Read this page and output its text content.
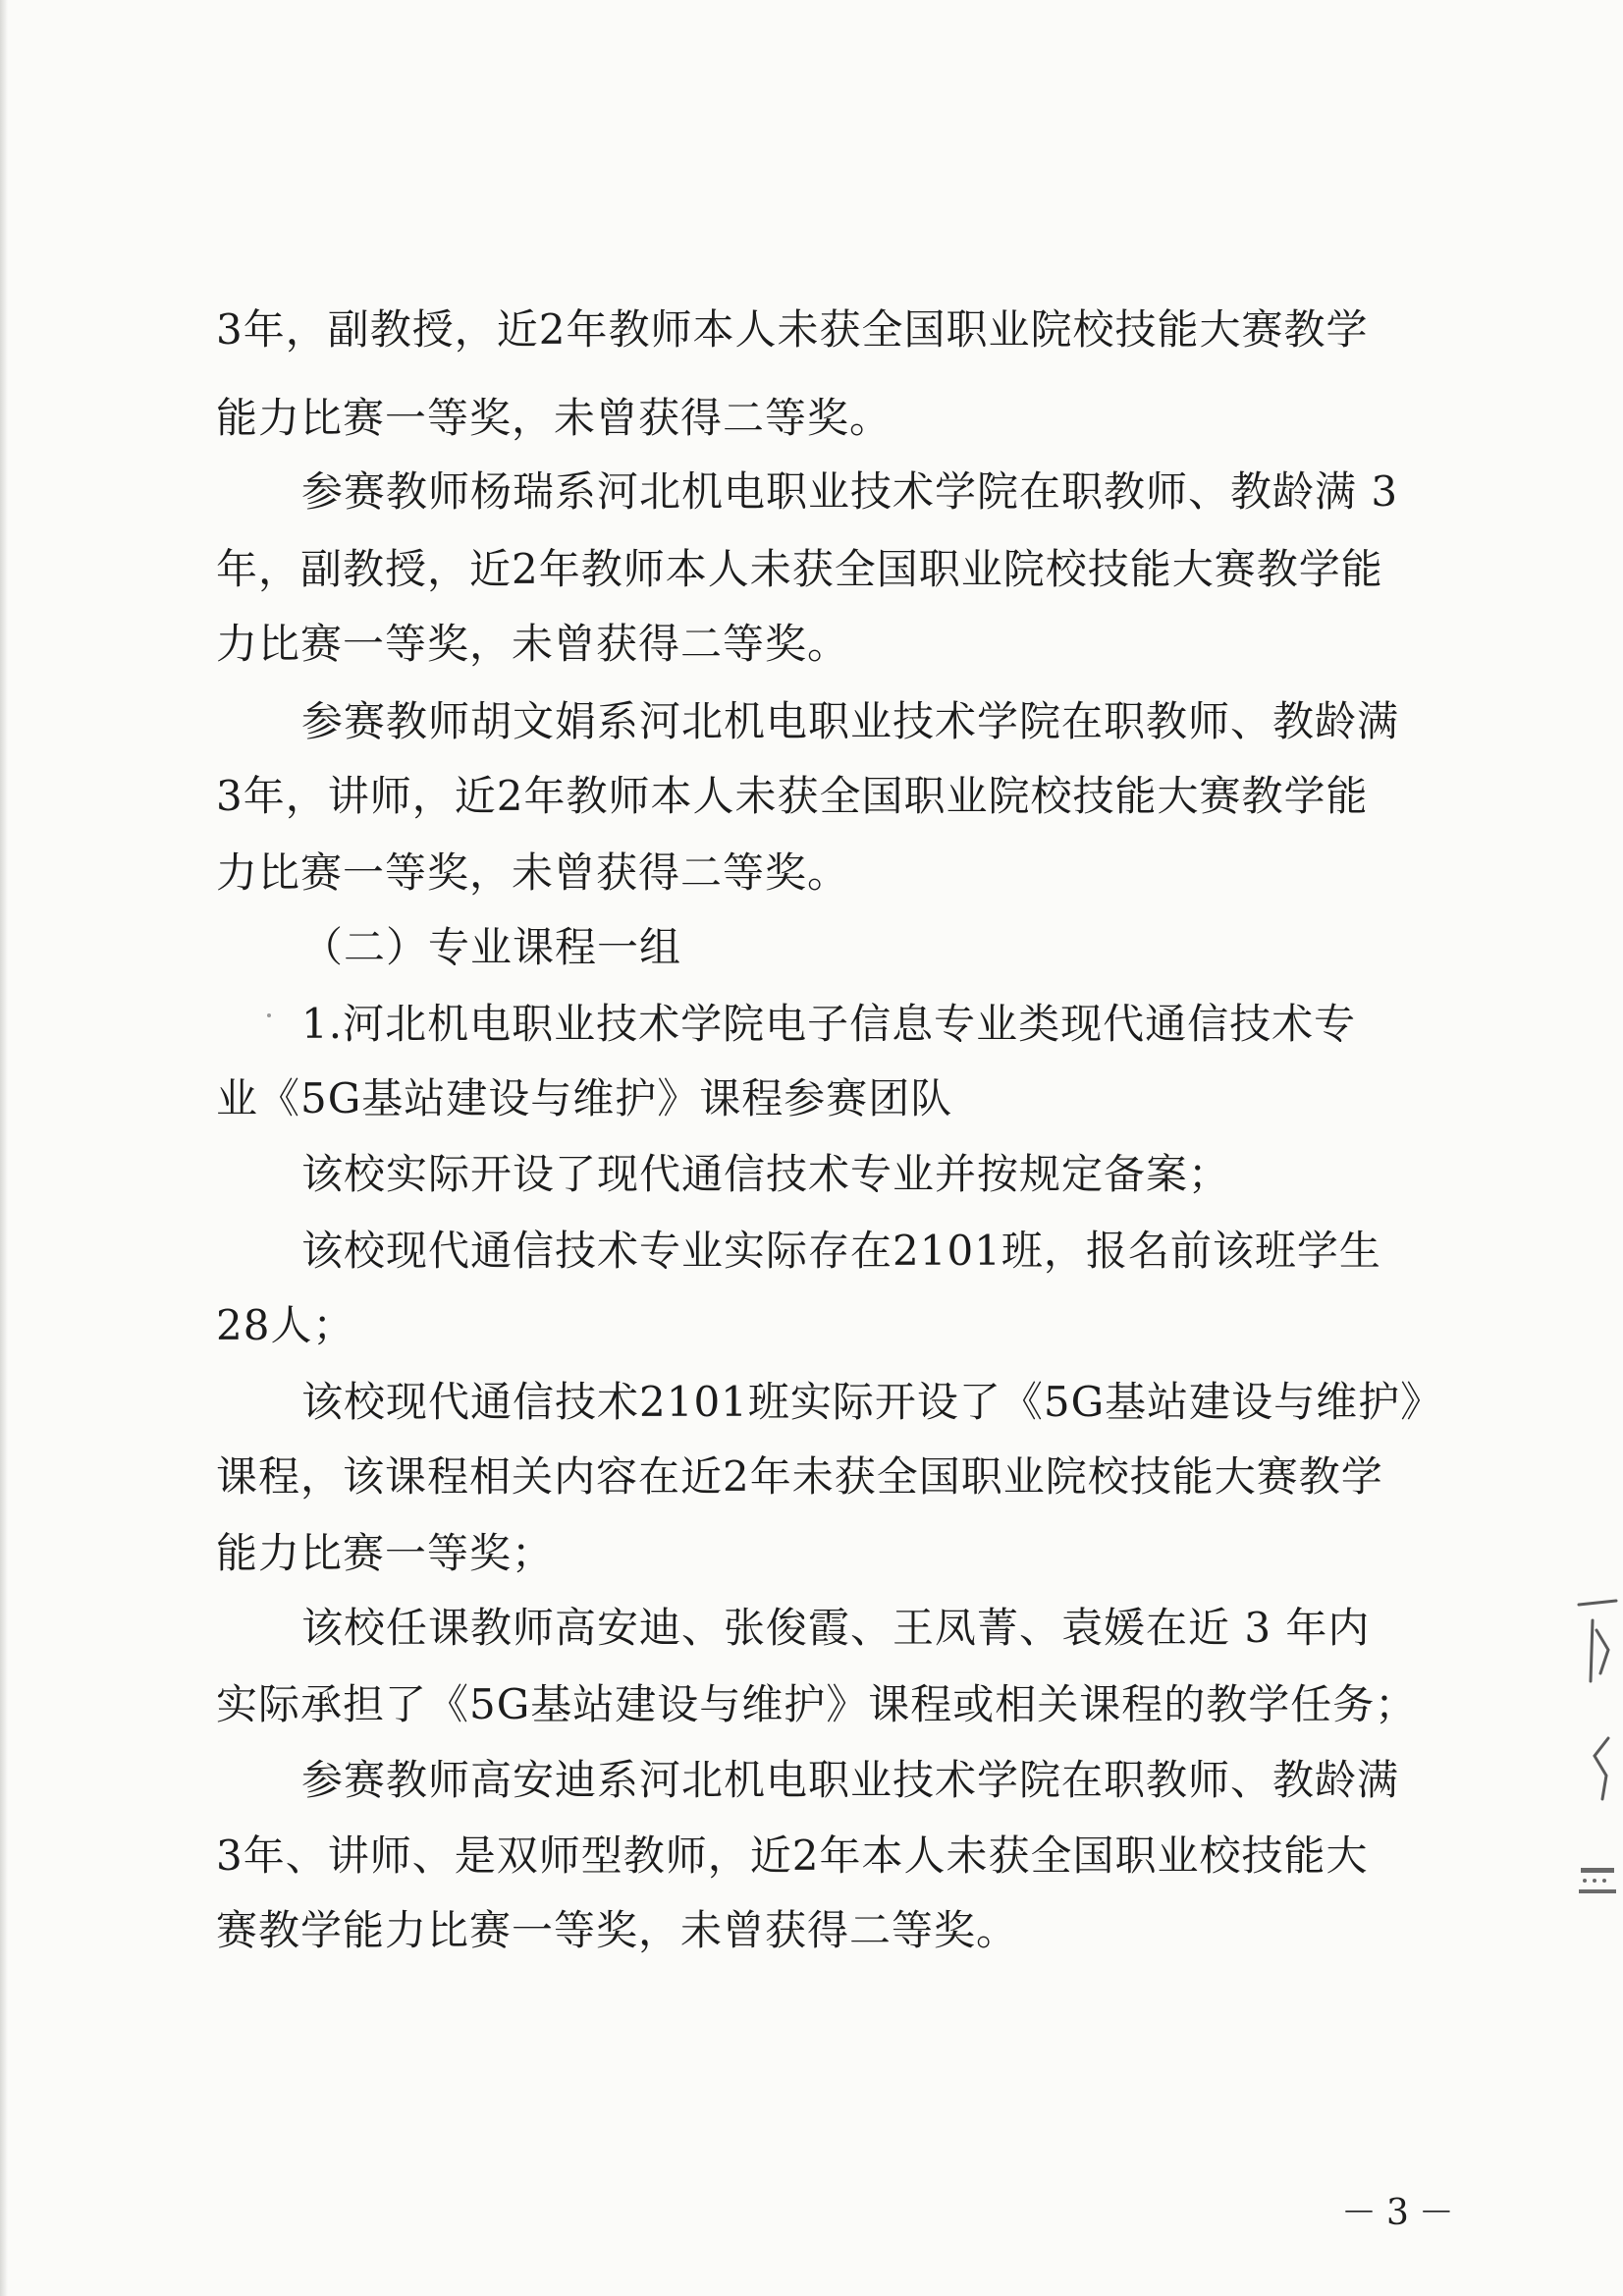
3年，副教授，近2年教师本人未获全国职业院校技能大赛教学
能力比赛一等奖，未曾获得二等奖。
参赛教师杨瑞系河北机电职业技术学院在职教师、教龄满 3
年，副教授，近2年教师本人未获全国职业院校技能大赛教学能
力比赛一等奖，未曾获得二等奖。
参赛教师胡文娟系河北机电职业技术学院在职教师、教龄满
3年，讲师，近2年教师本人未获全国职业院校技能大赛教学能
力比赛一等奖，未曾获得二等奖。
（二）专业课程一组
1.河北机电职业技术学院电子信息专业类现代通信技术专
业《5G基站建设与维护》课程参赛团队
该校实际开设了现代通信技术专业并按规定备案；
该校现代通信技术专业实际存在2101班，报名前该班学生
28人；
该校现代通信技术2101班实际开设了《5G基站建设与维护》
课程，该课程相关内容在近2年未获全国职业院校技能大赛教学
能力比赛一等奖；
该校任课教师高安迪、张俊霞、王凤菁、袁媛在近 3 年内
实际承担了《5G基站建设与维护》课程或相关课程的教学任务；
参赛教师高安迪系河北机电职业技术学院在职教师、教龄满
3年、讲师、是双师型教师，近2年本人未获全国职业校技能大
赛教学能力比赛一等奖，未曾获得二等奖。
－3－
